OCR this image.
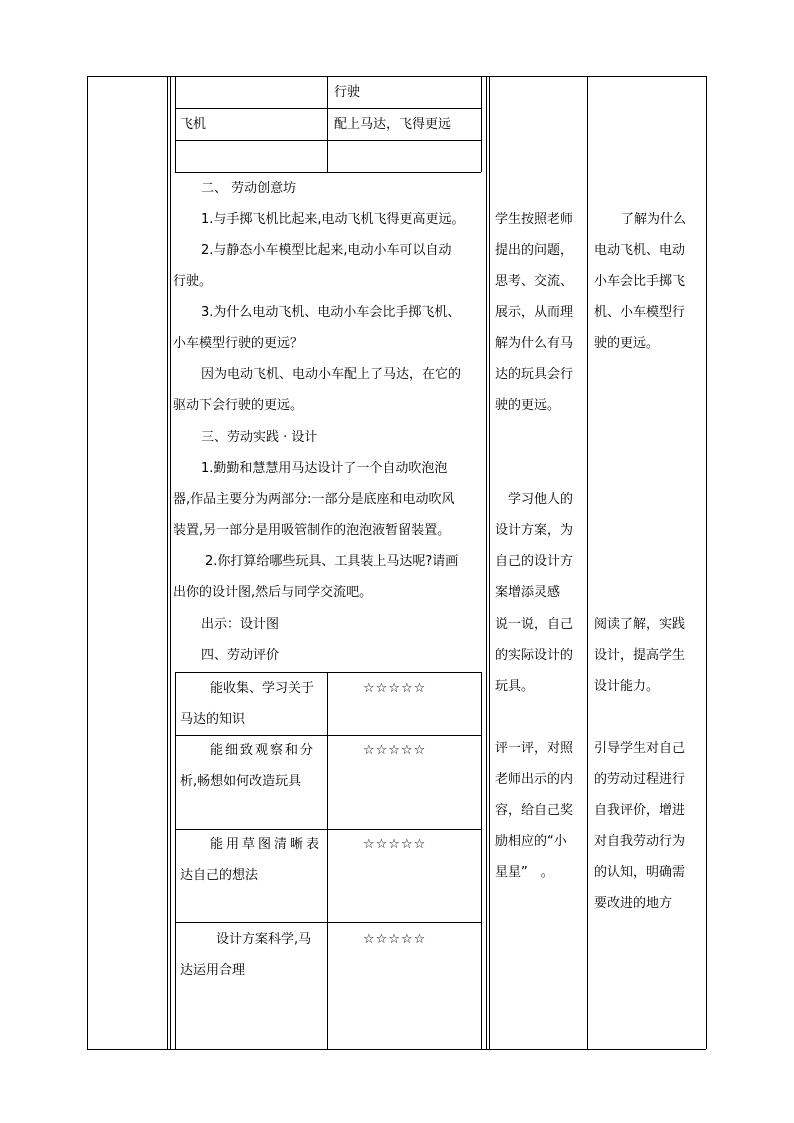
行驶
飞机	配上马达，飞得更远
二、 劳动创意坊
1.与手掷飞机比起来,电动飞机飞得更高更远。
2.与静态小车模型比起来,电动小车可以自动
行驶。
3.为什么电动飞机、电动小车会比手掷飞机、
小车模型行驶的更远？
因为电动飞机、电动小车配上了马达，在它的
驱动下会行驶的更远。
三、劳动实践 · 设计
1.勤勤和慧慧用马达设计了一个自动吹泡泡
器,作品主要分为两部分:一部分是底座和电动吹风
装置,另一部分是用吸管制作的泡泡液暂留装置。
2.你打算给哪些玩具、工具装上马达呢?请画
出你的设计图,然后与同学交流吧。
出示：设计图
四、劳动评价
能收集、学习关于
马达的知识
☆☆☆☆☆
能细致观察和分
析,畅想如何改造玩具
☆☆☆☆☆
能用草图清晰表
达自己的想法
☆☆☆☆☆
设计方案科学,马
达运用合理
☆☆☆☆☆
学生按照老师
提出的问题，
思考、交流、
展示，从而理
解为什么有马
达的玩具会行
驶的更远。
学习他人的
设计方案，为
自己的设计方
案增添灵感
说一说，自己
的实际设计的
玩具。
评一评，对照
老师出示的内
容，给自己奖
励相应的“小
星星”　。
了解为什么
电动飞机、电动
小车会比手掷飞
机、小车模型行
驶的更远。
阅读了解，实践
设计，提高学生
设计能力。
引导学生对自己
的劳动过程进行
自我评价，增进
对自我劳动行为
的认知，明确需
要改进的地方
